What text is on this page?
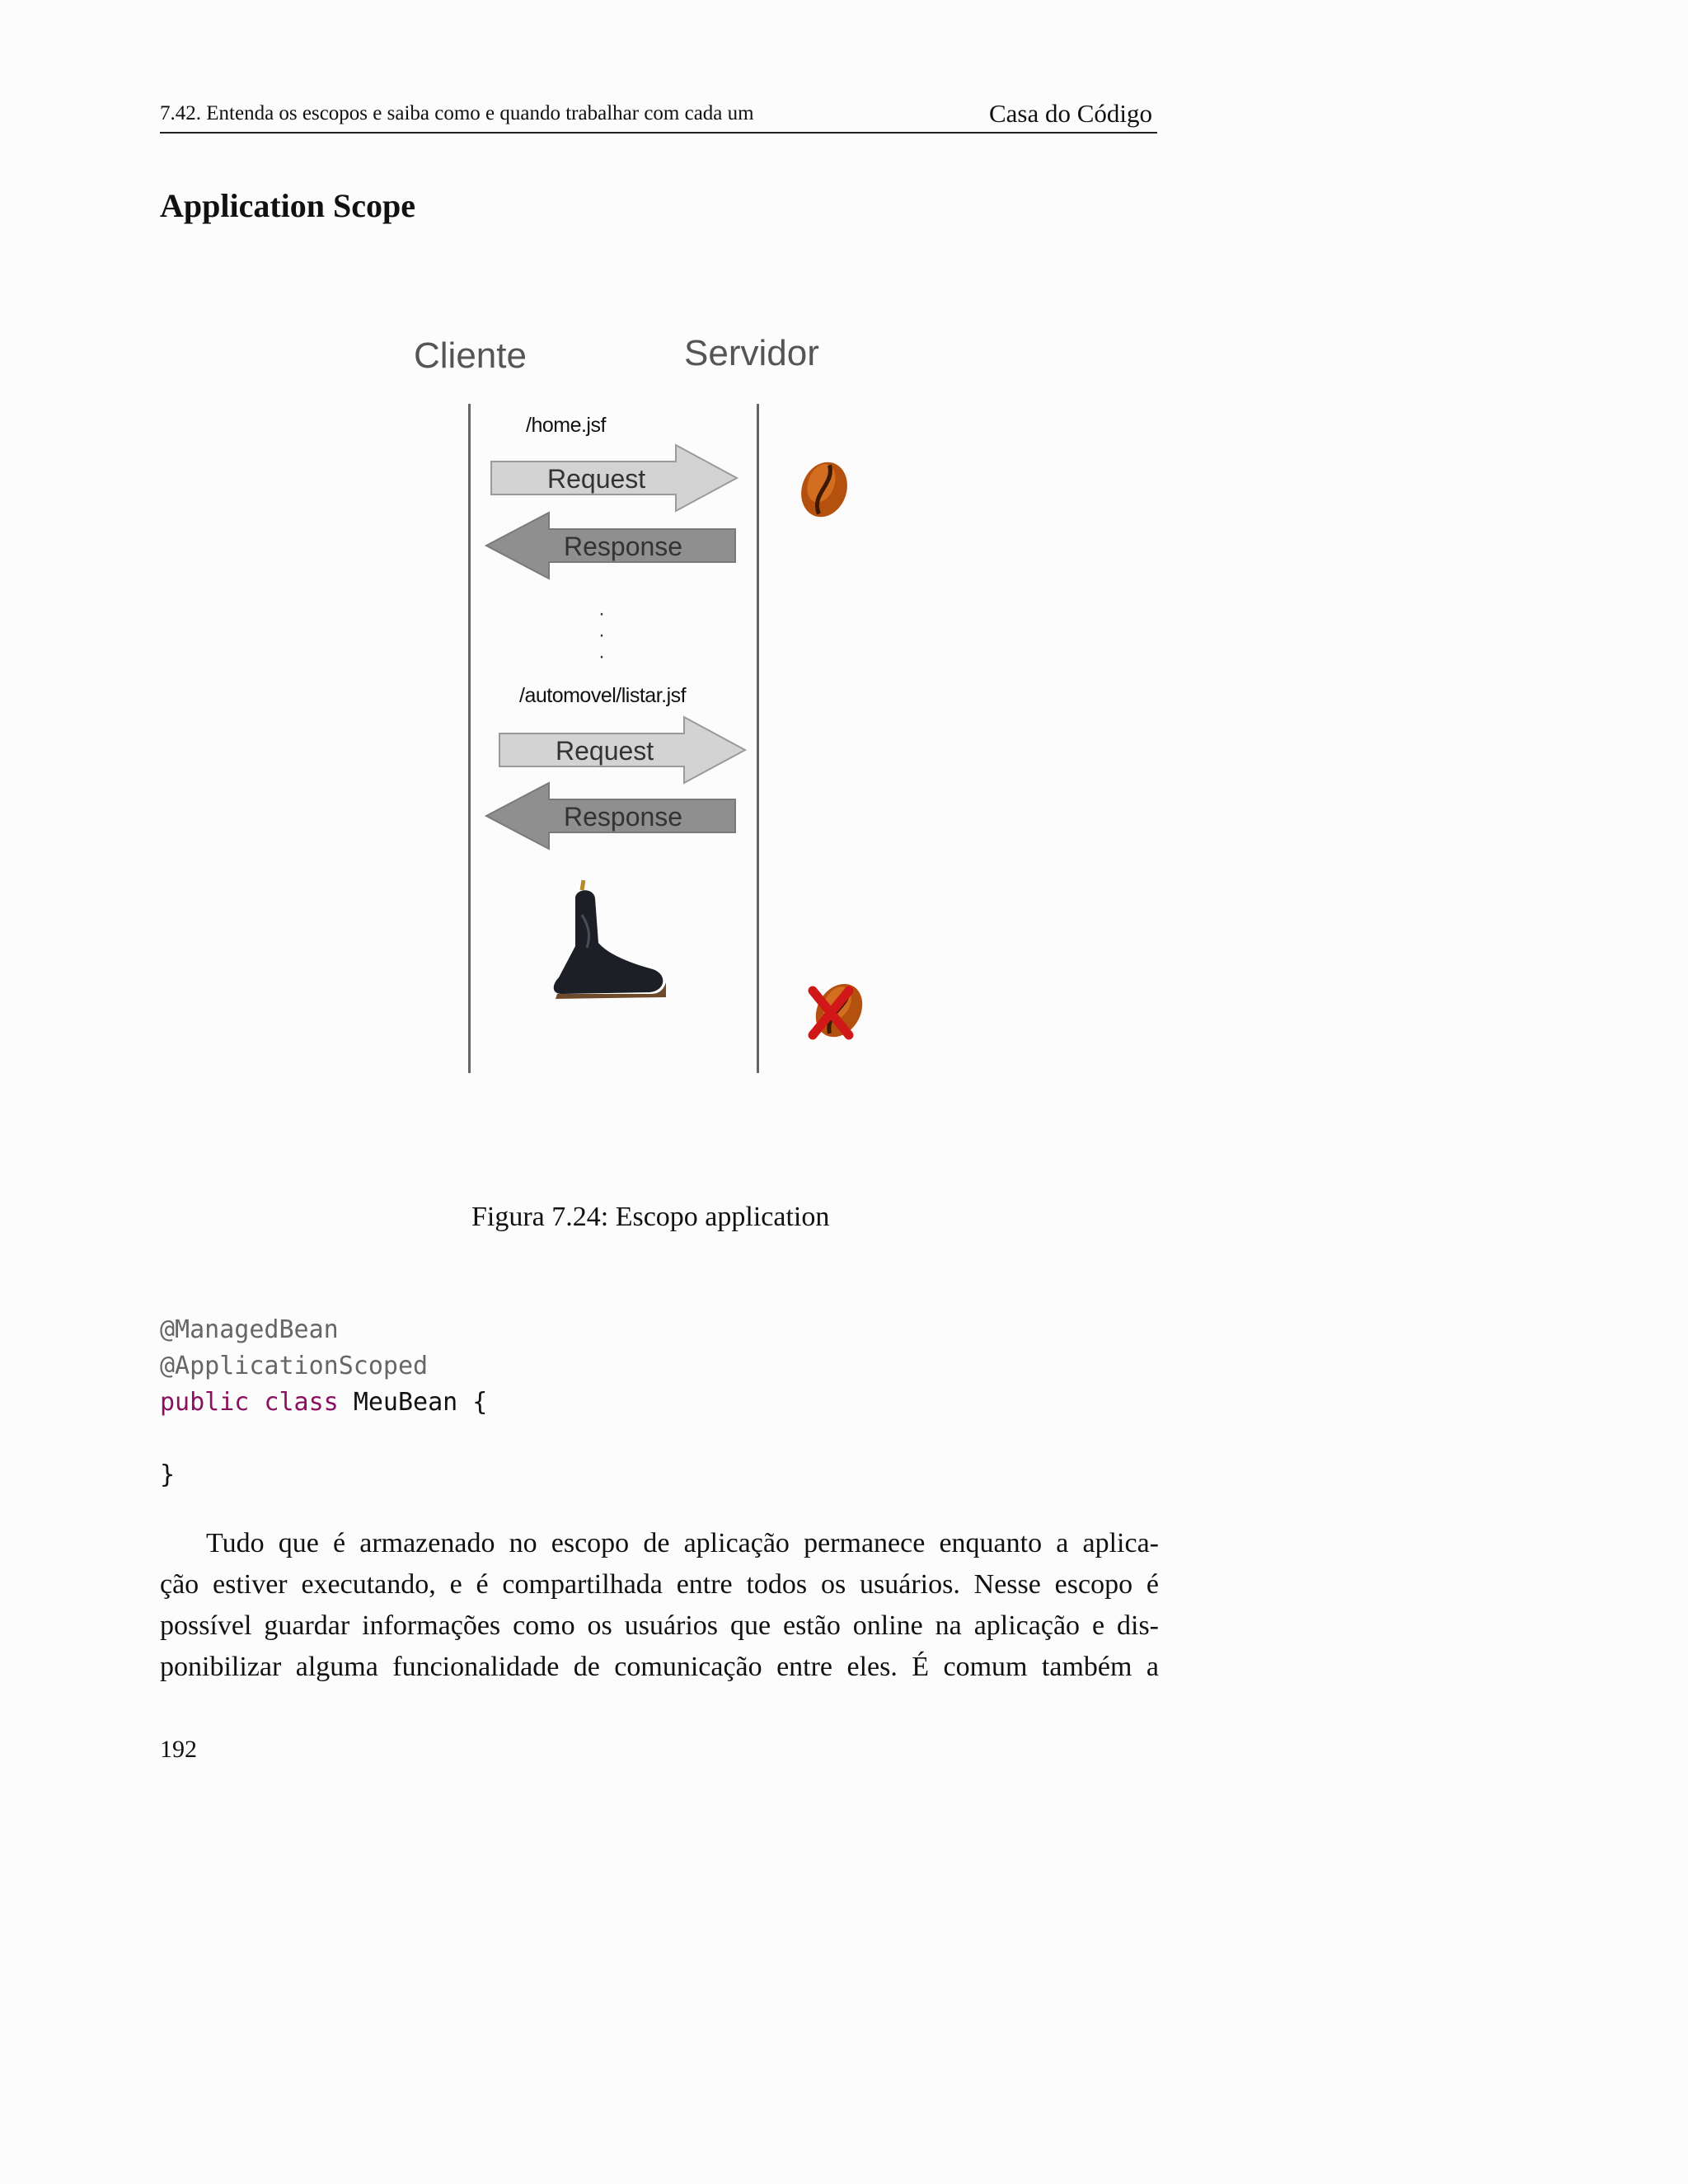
7.42. Entenda os escopos e saiba como e quando trabalhar com cada um	Casa do Código
Application Scope
Cliente	Servidor
/home.jsf
/automovel/listar.jsf
·
·
·
Request
Response
Request
Response
Figura 7.24: Escopo application
@ManagedBean
@ApplicationScoped
public class MeuBean {

}
Tudo que é armazenado no escopo de aplicação permanece enquanto a aplica-
ção estiver executando, e é compartilhada entre todos os usuários. Nesse escopo é
possível guardar informações como os usuários que estão online na aplicação e dis-
ponibilizar alguma funcionalidade de comunicação entre eles. É comum também a
192
